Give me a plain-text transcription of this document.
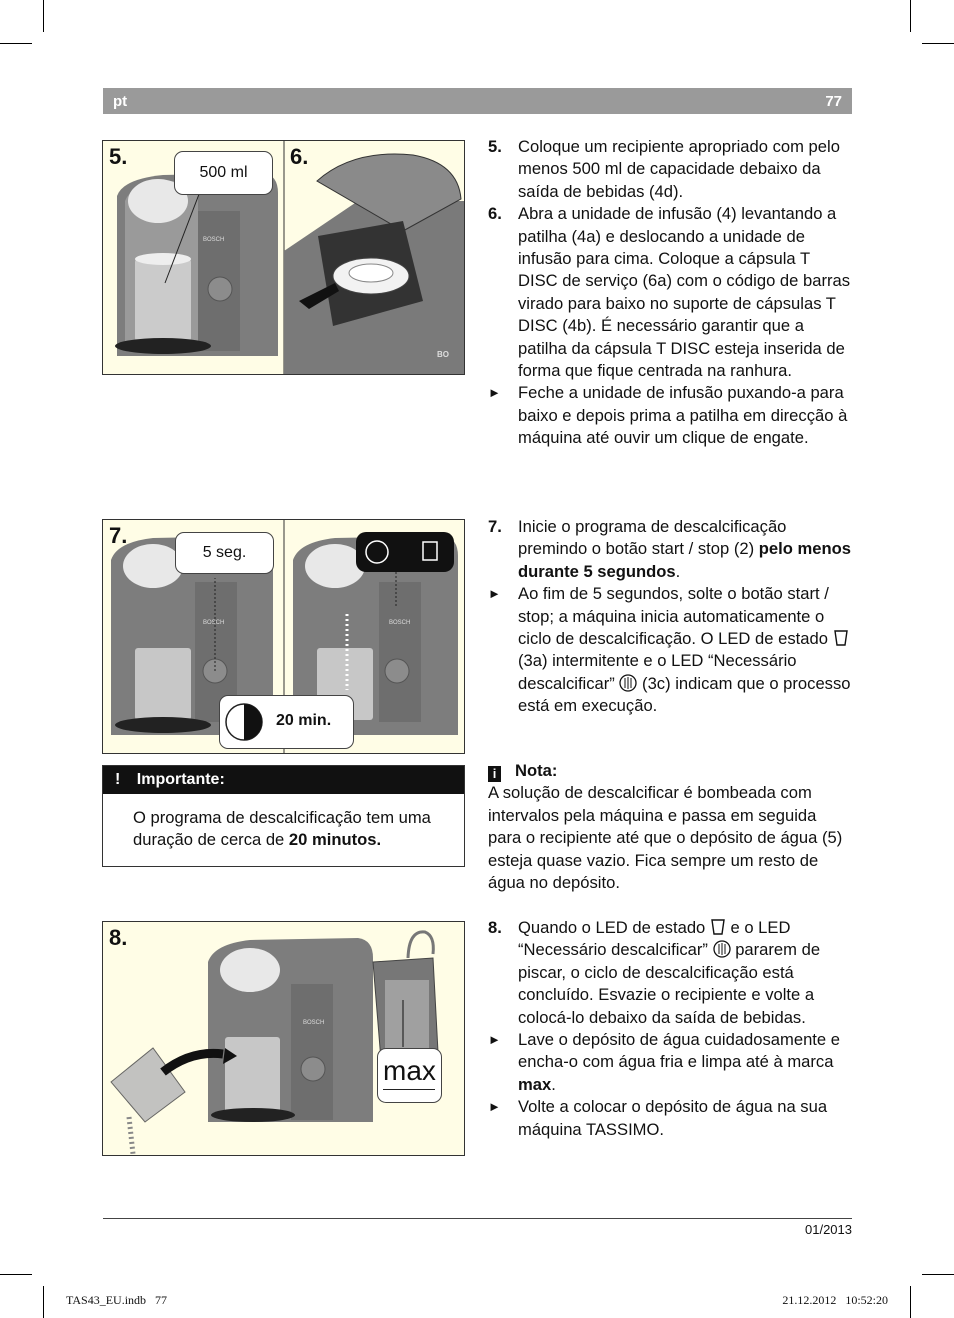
pt	77
BOSCH
BO
5.	6.
500 ml
BOSCH	BOSCH
7.
5 seg.
20 min.
! Importante:
O programa de descalcificação tem uma duração de cerca de 20 minutos.
BOSCH
8.
max
5. Coloque um recipiente apropriado com pelo menos 500 ml de capacidade debaixo da saída de bebidas (4d).
6. Abra a unidade de infusão (4) levantando a patilha (4a) e deslocando a unidade de infusão para cima. Coloque a cápsula T DISC de serviço (6a) com o código de barras virado para baixo no suporte de cápsulas T DISC (4b). É necessário garantir que a patilha da cápsula T DISC esteja inserida de forma que fique centrada na ranhura.
► Feche a unidade de infusão puxando-a para baixo e depois prima a patilha em direcção à máquina até ouvir um clique de engate.
7. Inicie o programa de descalcificação premindo o botão start / stop (2) pelo menos durante 5 segundos.
► Ao fim de 5 segundos, solte o botão start / stop; a máquina inicia automaticamente o ciclo de descalcificação. O LED de estado  (3a) intermitente e o LED “Necessário descalcificar”  (3c) indicam que o processo está em execução.
i Nota:
A solução de descalcificar é bombeada com intervalos pela máquina e passa em seguida para o recipiente até que o depósito de água (5) esteja quase vazio. Fica sempre um resto de água no depósito.
8. Quando o LED de estado  e o LED “Necessário descalcificar”  pararem de piscar, o ciclo de descalcificação está concluído. Esvazie o recipiente e volte a colocá-lo debaixo da saída de bebidas.
► Lave o depósito de água cuidadosamente e encha-o com água fria e limpa até à marca max.
► Volte a colocar o depósito de água na sua máquina TASSIMO.
01/2013
TAS43_EU.indb   77	21.12.2012   10:52:20
